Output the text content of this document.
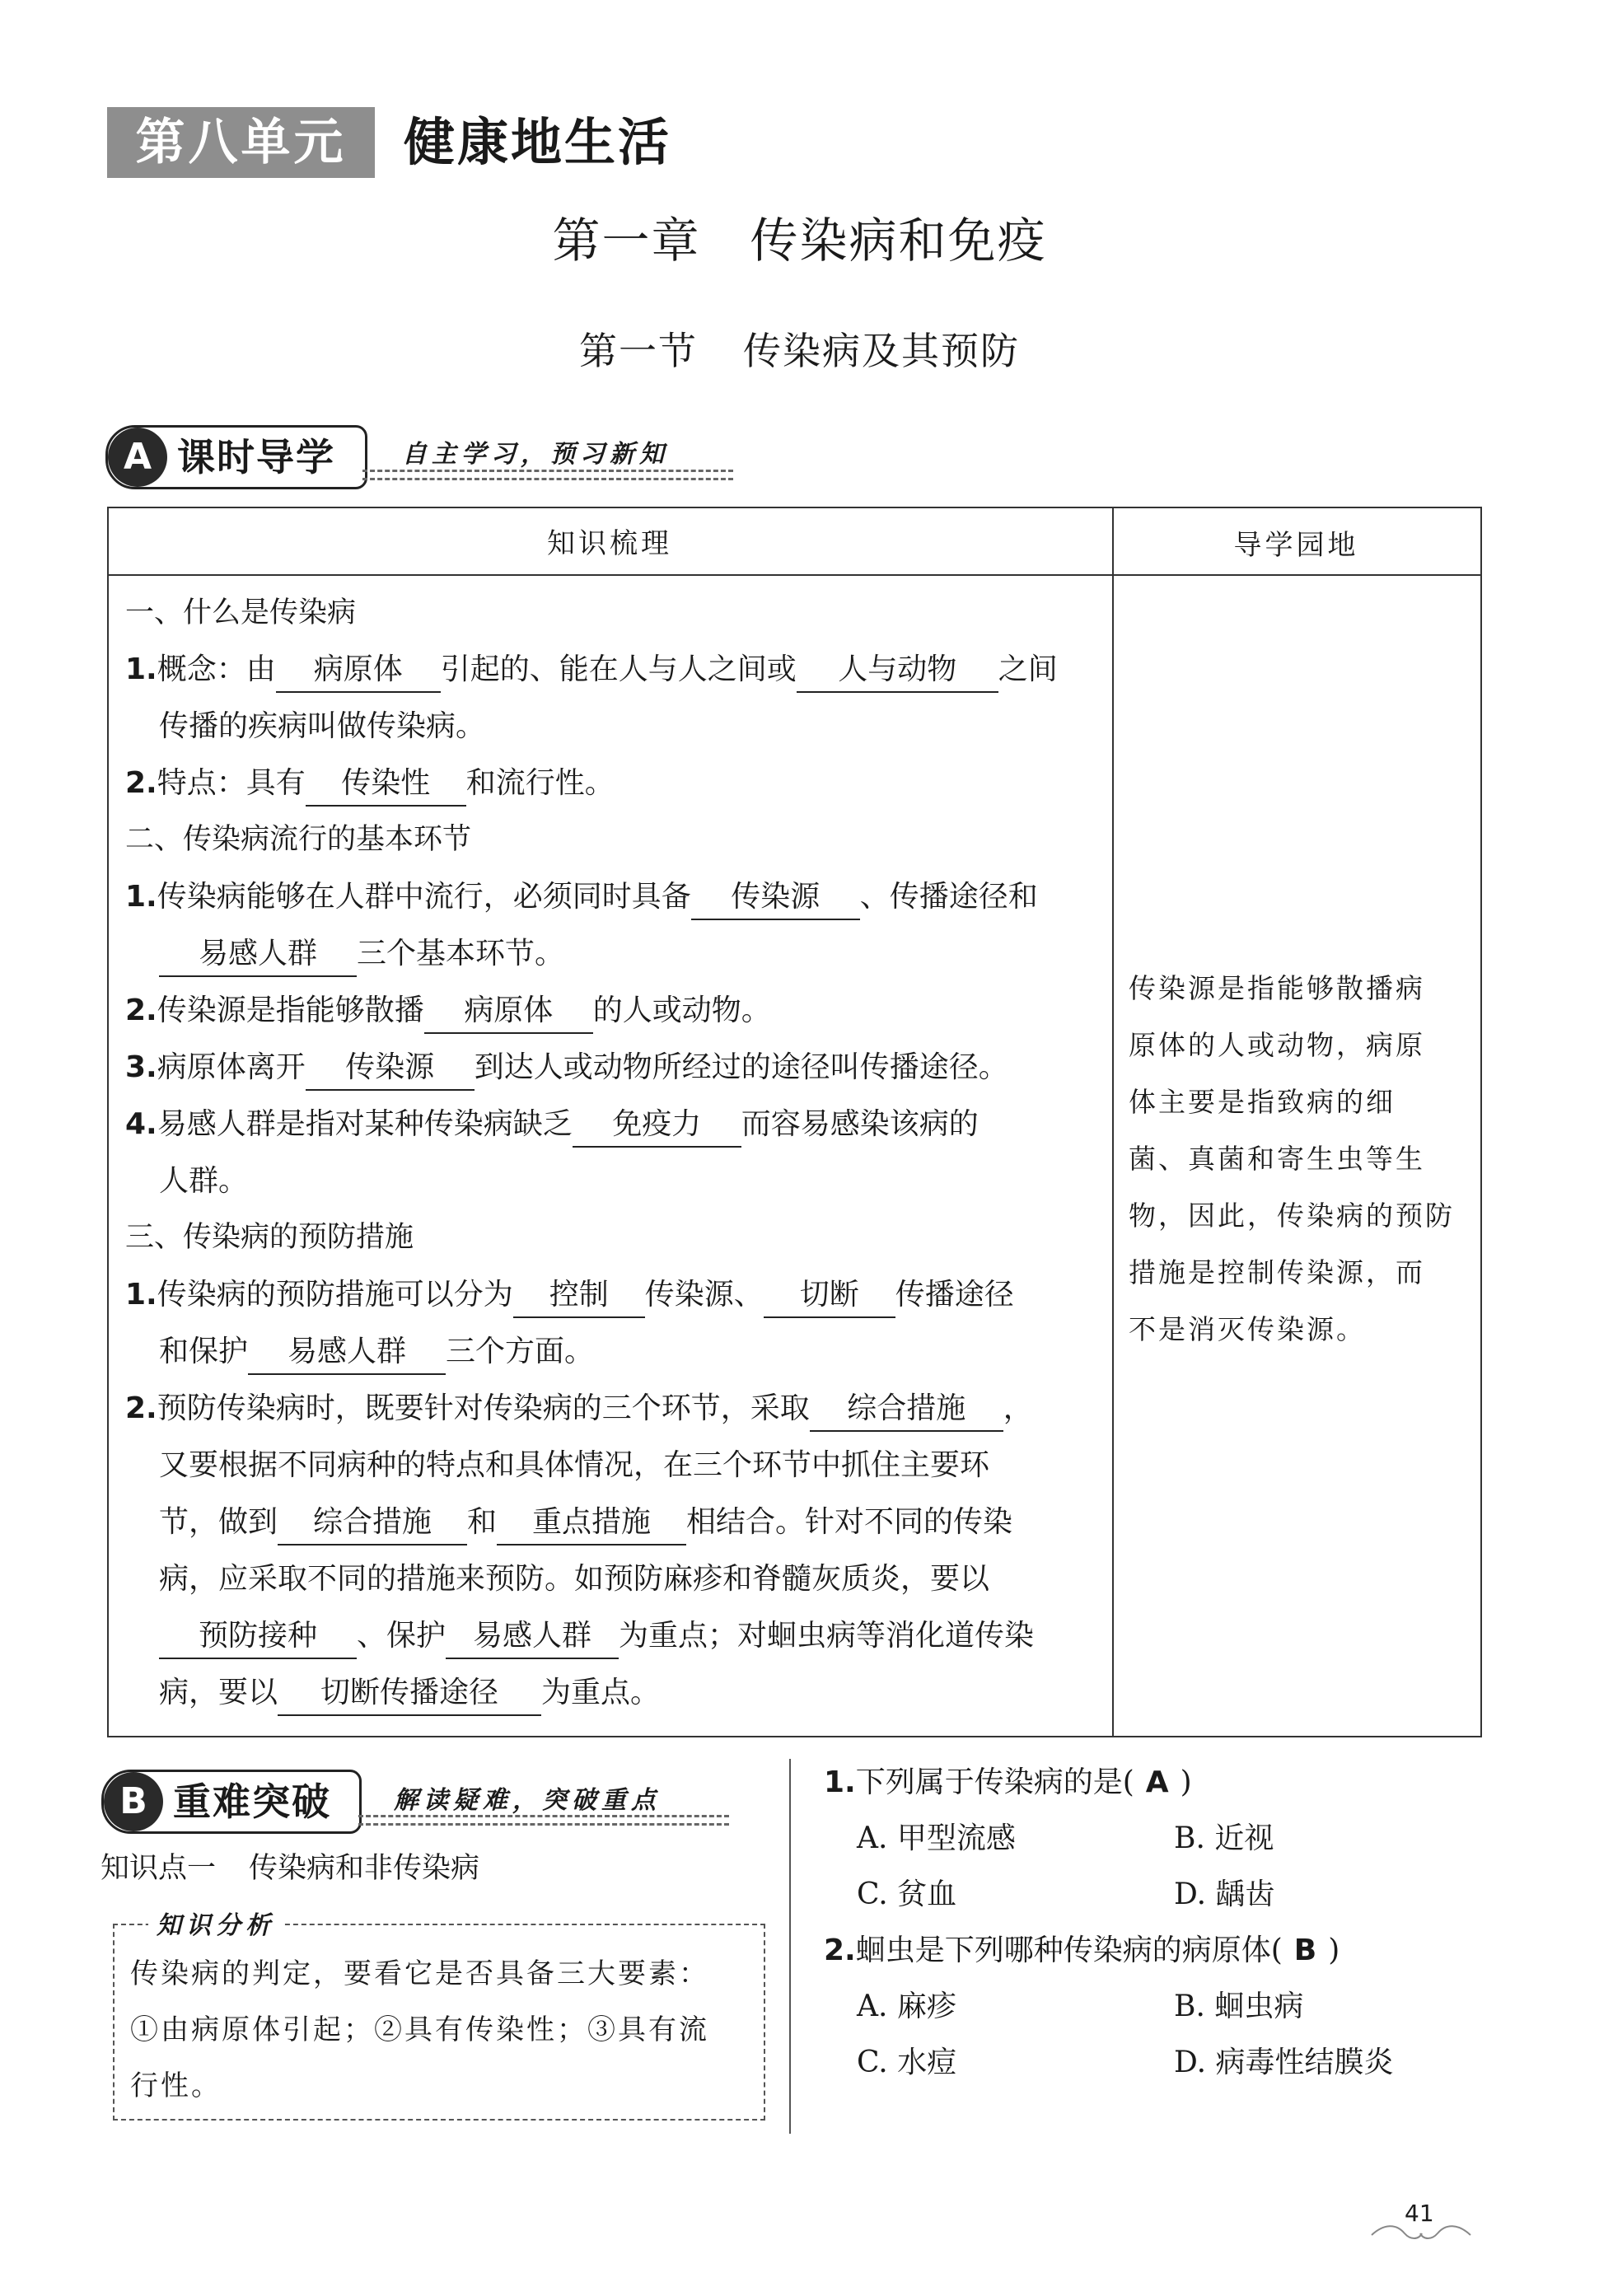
第八单元	健康地生活
第一章 传染病和免疫
第一节 传染病及其预防
A 课时导学	自主学习，预习新知
知识梳理	导学园地
一、什么是传染病
1.概念：由 病原体 引起的、能在人与人之间或 人与动物 之间
传播的疾病叫做传染病。
2.特点：具有 传染性 和流行性。
二、传染病流行的基本环节
1.传染病能够在人群中流行，必须同时具备 传染源 、传播途径和
易感人群 三个基本环节。
2.传染源是指能够散播 病原体 的人或动物。
3.病原体离开 传染源 到达人或动物所经过的途径叫传播途径。
4.易感人群是指对某种传染病缺乏 免疫力 而容易感染该病的
人群。
三、传染病的预防措施
1.传染病的预防措施可以分为 控制 传染源、 切断 传播途径
和保护 易感人群 三个方面。
2.预防传染病时，既要针对传染病的三个环节，采取 综合措施 ，
又要根据不同病种的特点和具体情况，在三个环节中抓住主要环
节，做到 综合措施 和 重点措施 相结合。针对不同的传染
病，应采取不同的措施来预防。如预防麻疹和脊髓灰质炎，要以
预防接种 、保护 易感人群 为重点；对蛔虫病等消化道传染
病，要以 切断传播途径 为重点。
传染源是指能够散播病
原体的人或动物，病原
体主要是指致病的细
菌、真菌和寄生虫等生
物，因此，传染病的预防
措施是控制传染源，而
不是消灭传染源。
B 重难突破	解读疑难，突破重点
知识点一 传染病和非传染病
知识分析
传染病的判定，要看它是否具备三大要素：
①由病原体引起；②具有传染性；③具有流
行性。
1.下列属于传染病的是( A )
A. 甲型流感	B. 近视
C. 贫血	D. 龋齿
2.蛔虫是下列哪种传染病的病原体( B )
A. 麻疹	B. 蛔虫病
C. 水痘	D. 病毒性结膜炎
41
